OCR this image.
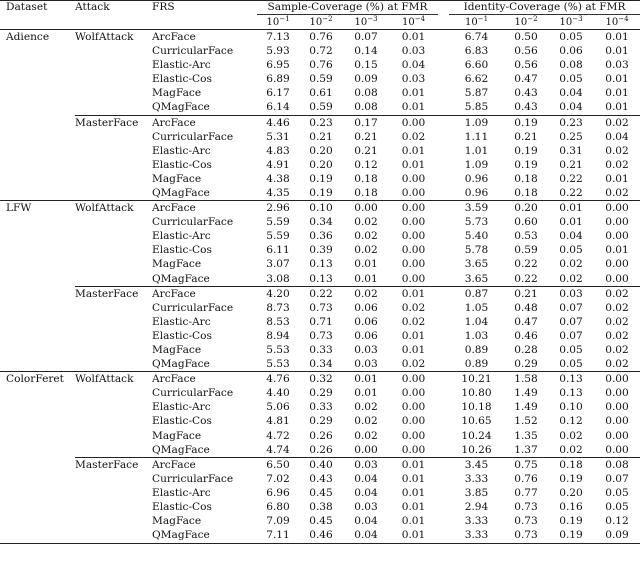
Dataset	Attack	FRS	Sample-Coverage (%) at FMR					Identity-Coverage (%) at FMR			
			$10^{-1}$	$10^{-2}$	$10^{-3}$	$10^{-4}$		$10^{-1}$	$10^{-2}$	$10^{-3}$	$10^{-4}$
Adience	WolfAttack	ArcFace	7.13	0.76	0.07	0.01		6.74	0.50	0.05	0.01
		CurricularFace	5.93	0.72	0.14	0.03		6.83	0.56	0.06	0.01
		Elastic-Arc	6.95	0.76	0.15	0.04		6.60	0.56	0.08	0.03
		Elastic-Cos	6.89	0.59	0.09	0.03		6.62	0.47	0.05	0.01
		MagFace	6.17	0.61	0.08	0.01		5.87	0.43	0.04	0.01
		QMagFace	6.14	0.59	0.08	0.01		5.85	0.43	0.04	0.01
	MasterFace	ArcFace	4.46	0.23	0.17	0.00		1.09	0.19	0.23	0.02
		CurricularFace	5.31	0.21	0.21	0.02		1.11	0.21	0.25	0.04
		Elastic-Arc	4.83	0.20	0.21	0.01		1.01	0.19	0.31	0.02
		Elastic-Cos	4.91	0.20	0.12	0.01		1.09	0.19	0.21	0.02
		MagFace	4.38	0.19	0.18	0.00		0.96	0.18	0.22	0.01
		QMagFace	4.35	0.19	0.18	0.00		0.96	0.18	0.22	0.02
LFW	WolfAttack	ArcFace	2.96	0.10	0.00	0.00		3.59	0.20	0.01	0.00
		CurricularFace	5.59	0.34	0.02	0.00		5.73	0.60	0.01	0.00
		Elastic-Arc	5.59	0.36	0.02	0.00		5.40	0.53	0.04	0.00
		Elastic-Cos	6.11	0.39	0.02	0.00		5.78	0.59	0.05	0.01
		MagFace	3.07	0.13	0.01	0.00		3.65	0.22	0.02	0.00
		QMagFace	3.08	0.13	0.01	0.00		3.65	0.22	0.02	0.00
	MasterFace	ArcFace	4.20	0.22	0.02	0.01		0.87	0.21	0.03	0.02
		CurricularFace	8.73	0.73	0.06	0.02		1.05	0.48	0.07	0.02
		Elastic-Arc	8.53	0.71	0.06	0.02		1.04	0.47	0.07	0.02
		Elastic-Cos	8.94	0.73	0.06	0.01		1.03	0.46	0.07	0.02
		MagFace	5.53	0.33	0.03	0.01		0.89	0.28	0.05	0.02
		QMagFace	5.53	0.34	0.03	0.02		0.89	0.29	0.05	0.02
ColorFeret	WolfAttack	ArcFace	4.76	0.32	0.01	0.00		10.21	1.58	0.13	0.00
		CurricularFace	4.40	0.29	0.01	0.00		10.80	1.49	0.13	0.00
		Elastic-Arc	5.06	0.33	0.02	0.00		10.18	1.49	0.10	0.00
		Elastic-Cos	4.81	0.29	0.02	0.00		10.65	1.52	0.12	0.00
		MagFace	4.72	0.26	0.02	0.00		10.24	1.35	0.02	0.00
		QMagFace	4.74	0.26	0.00	0.00		10.26	1.37	0.02	0.00
	MasterFace	ArcFace	6.50	0.40	0.03	0.01		3.45	0.75	0.18	0.08
		CurricularFace	7.02	0.43	0.04	0.01		3.33	0.76	0.19	0.07
		Elastic-Arc	6.96	0.45	0.04	0.01		3.85	0.77	0.20	0.05
		Elastic-Cos	6.80	0.38	0.03	0.01		2.94	0.73	0.16	0.05
		MagFace	7.09	0.45	0.04	0.01		3.33	0.73	0.19	0.12
		QMagFace	7.11	0.46	0.04	0.01		3.33	0.73	0.19	0.09
